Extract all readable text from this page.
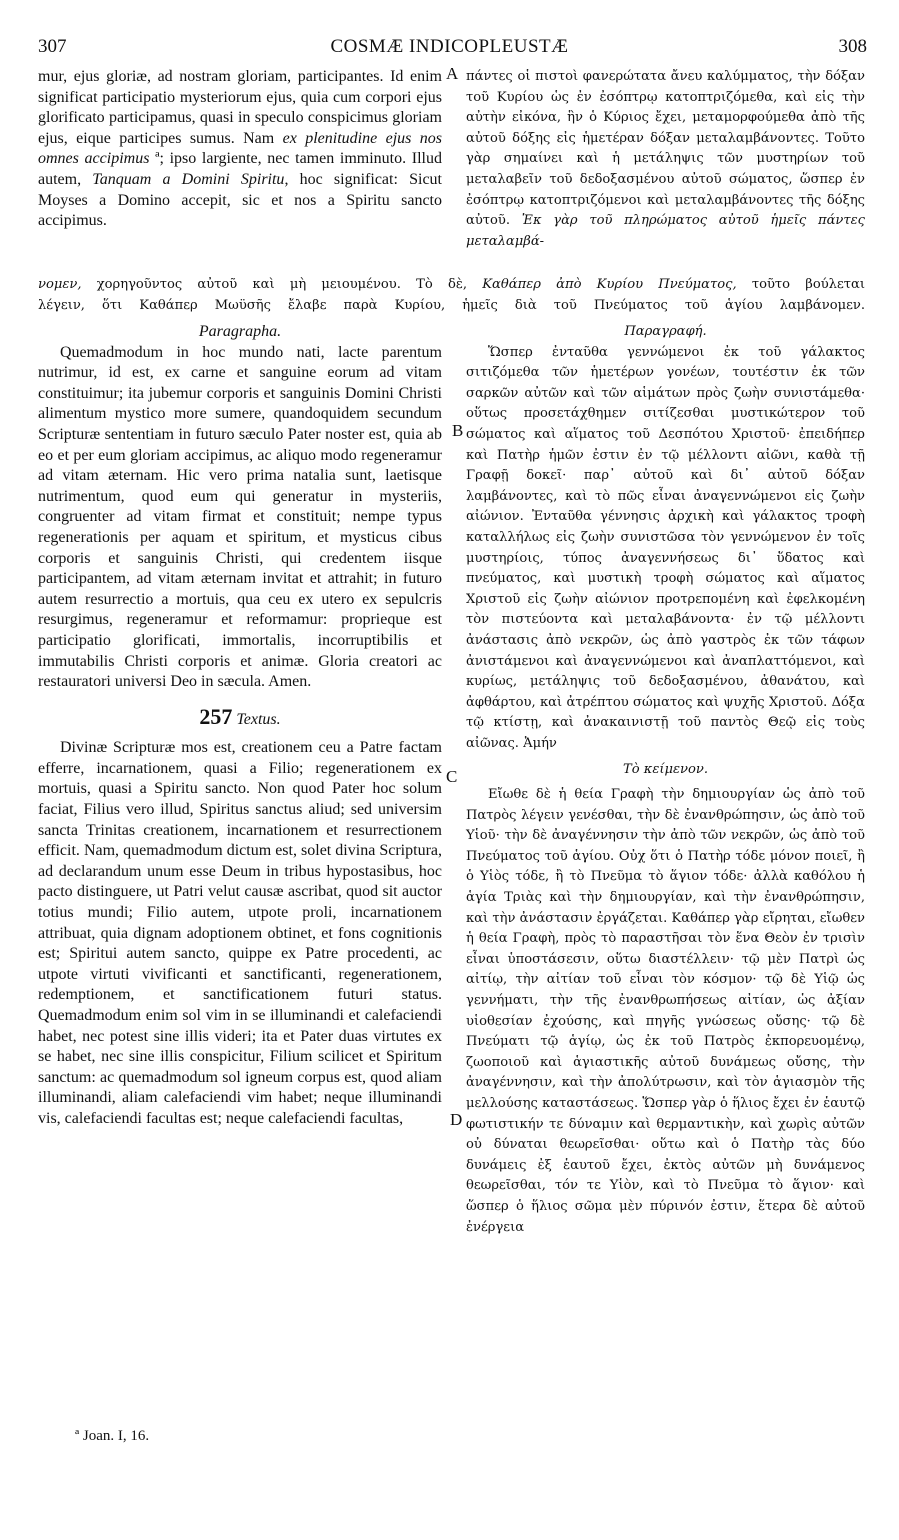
307	COSMÆ INDICOPLEUSTÆ	308

mur, ejus gloriæ, ad nostram gloriam, participantes. Id enim significat participatio mysteriorum ejus, quia cum corpori ejus glorificato participamus, quasi in speculo conspicimus gloriam ejus, eique participes sumus. Nam ex plenitudine ejus nos omnes accipimus ª; ipso largiente, nec tamen imminuto. Illud autem, Tanquam a Domini Spiritu, hoc significat: Sicut Moyses a Domino accepit, sic et nos a Spiritu sancto accipimus.

πάντες οἱ πιστοὶ φανερώτατα ἄνευ καλύμματος, τὴν δόξαν τοῦ Κυρίου ὡς ἐν ἐσόπτρῳ κατοπτριζόμεθα, καὶ εἰς τὴν αὐτὴν εἰκόνα, ἣν ὁ Κύριος ἔχει, μεταμορφούμεθα ἀπὸ τῆς αὐτοῦ δόξης εἰς ἡμετέραν δόξαν μεταλαμβάνοντες. Τοῦτο γὰρ σημαίνει καὶ ἡ μετάληψις τῶν μυστηρίων τοῦ μεταλαβεῖν τοῦ δεδοξασμένου αὐτοῦ σώματος, ὥσπερ ἐν ἐσόπτρῳ κατοπτριζόμενοι καὶ μεταλαμβάνοντες τῆς δόξης αὐτοῦ. Ἐκ γὰρ τοῦ πληρώματος αὐτοῦ ἡμεῖς πάντες μεταλαμβά-

νομεν, χορηγοῦντος αὐτοῦ καὶ μὴ μειουμένου. Τὸ δὲ, Καθάπερ ἀπὸ Κυρίου Πνεύματος, τοῦτο βούλεται

λέγειν, ὅτι Καθάπερ Μωϋσῆς ἔλαβε παρὰ Κυρίου, ἡμεῖς διὰ τοῦ Πνεύματος τοῦ ἁγίου λαμβάνομεν.

Paragrapha.

Quemadmodum in hoc mundo nati, lacte parentum nutrimur, id est, ex carne et sanguine eorum ad vitam constituimur; ita jubemur corporis et sanguinis Domini Christi alimentum mystico more sumere, quandoquidem secundum Scripturæ sententiam in futuro sæculo Pater noster est, quia ab eo et per eum gloriam accipimus, ac aliquo modo regeneramur ad vitam æternam. Hic vero prima natalia sunt, laetisque nutrimentum, quod eum qui generatur in mysteriis, congruenter ad vitam firmat et constituit; nempe typus regenerationis per aquam et spiritum, et mysticus cibus corporis et sanguinis Christi, qui credentem iisque participantem, ad vitam æternam invitat et attrahit; in futuro autem resurrectio a mortuis, qua ceu ex utero ex sepulcris resurgimus, regeneramur et reformamur: proprieque est participatio glorificati, immortalis, incorruptibilis et immutabilis Christi corporis et animæ. Gloria creatori ac restauratori universi Deo in sæcula. Amen.

257 Textus.

Divinæ Scripturæ mos est, creationem ceu a Patre factam efferre, incarnationem, quasi a Filio; regenerationem ex mortuis, quasi a Spiritu sancto. Non quod Pater hoc solum faciat, Filius vero illud, Spiritus sanctus aliud; sed universim sancta Trinitas creationem, incarnationem et resurrectionem efficit. Nam, quemadmodum dictum est, solet divina Scriptura, ad declarandum unum esse Deum in tribus hypostasibus, hoc pacto distinguere, ut Patri velut causæ ascribat, quod sit auctor totius mundi; Filio autem, utpote proli, incarnationem attribuat, quia dignam adoptionem obtinet, et fons cognitionis est; Spiritui autem sancto, quippe ex Patre procedenti, ac utpote virtuti vivificanti et sanctificanti, regenerationem, redemptionem, et sanctificationem futuri status. Quemadmodum enim sol vim in se illuminandi et calefaciendi habet, nec potest sine illis videri; ita et Pater duas virtutes ex se habet, nec sine illis conspicitur, Filium scilicet et Spiritum sanctum: ac quemadmodum sol igneum corpus est, quod aliam illuminandi, aliam calefaciendi vim habet; neque illuminandi vis, calefaciendi facultas est; neque calefaciendi facultas,

Παραγραφή.

Ὥσπερ ἐνταῦθα γεννώμενοι ἐκ τοῦ γάλακτος σιτιζόμεθα τῶν ἡμετέρων γονέων, τουτέστιν ἐκ τῶν σαρκῶν αὐτῶν καὶ τῶν αἱμάτων πρὸς ζωὴν συνιστάμεθα· οὕτως προσετάχθημεν σιτίζεσθαι μυστικώτερον τοῦ σώματος καὶ αἵματος τοῦ Δεσπότου Χριστοῦ· ἐπειδήπερ καὶ Πατὴρ ἡμῶν ἐστιν ἐν τῷ μέλλοντι αἰῶνι, καθὰ τῇ Γραφῇ δοκεῖ· παρ᾽ αὐτοῦ καὶ δι᾽ αὐτοῦ δόξαν λαμβάνοντες, καὶ τὸ πῶς εἶναι ἀναγεννώμενοι εἰς ζωὴν αἰώνιον. Ἐνταῦθα γέννησις ἀρχικὴ καὶ γάλακτος τροφὴ καταλλήλως εἰς ζωὴν συνιστῶσα τὸν γεννώμενον ἐν τοῖς μυστηρίοις, τύπος ἀναγεννήσεως δι᾽ ὕδατος καὶ πνεύματος, καὶ μυστικὴ τροφὴ σώματος καὶ αἵματος Χριστοῦ εἰς ζωὴν αἰώνιον προτρεπομένη καὶ ἐφελκομένη τὸν πιστεύοντα καὶ μεταλαβάνοντα· ἐν τῷ μέλλοντι ἀνάστασις ἀπὸ νεκρῶν, ὡς ἀπὸ γαστρὸς ἐκ τῶν τάφων ἀνιστάμενοι καὶ ἀναγεννώμενοι καὶ ἀναπλαττόμενοι, καὶ κυρίως, μετάληψις τοῦ δεδοξασμένου, ἀθανάτου, καὶ ἀφθάρτου, καὶ ἀτρέπτου σώματος καὶ ψυχῆς Χριστοῦ. Δόξα τῷ κτίστῃ, καὶ ἀνακαινιστῇ τοῦ παντὸς Θεῷ εἰς τοὺς αἰῶνας. Ἀμήν

Τὸ κείμενον.

Εἴωθε δὲ ἡ θεία Γραφὴ τὴν δημιουργίαν ὡς ἀπὸ τοῦ Πατρὸς λέγειν γενέσθαι, τὴν δὲ ἐνανθρώπησιν, ὡς ἀπὸ τοῦ Υἱοῦ· τὴν δὲ ἀναγέννησιν τὴν ἀπὸ τῶν νεκρῶν, ὡς ἀπὸ τοῦ Πνεύματος τοῦ ἁγίου. Οὐχ ὅτι ὁ Πατὴρ τόδε μόνον ποιεῖ, ἢ ὁ Υἱὸς τόδε, ἢ τὸ Πνεῦμα τὸ ἅγιον τόδε· ἀλλὰ καθόλου ἡ ἁγία Τριὰς καὶ τὴν δημιουργίαν, καὶ τὴν ἐνανθρώπησιν, καὶ τὴν ἀνάστασιν ἐργάζεται. Καθάπερ γὰρ εἴρηται, εἴωθεν ἡ θεία Γραφὴ, πρὸς τὸ παραστῆσαι τὸν ἕνα Θεὸν ἐν τρισὶν εἶναι ὑποστάσεσιν, οὕτω διαστέλλειν· τῷ μὲν Πατρὶ ὡς αἰτίῳ, τὴν αἰτίαν τοῦ εἶναι τὸν κόσμον· τῷ δὲ Υἱῷ ὡς γεννήματι, τὴν τῆς ἐνανθρωπήσεως αἰτίαν, ὡς ἀξίαν υἱοθεσίαν ἐχούσης, καὶ πηγῆς γνώσεως οὔσης· τῷ δὲ Πνεύματι τῷ ἁγίῳ, ὡς ἐκ τοῦ Πατρὸς ἐκπορευομένῳ, ζωοποιοῦ καὶ ἁγιαστικῆς αὐτοῦ δυνάμεως οὔσης, τὴν ἀναγέννησιν, καὶ τὴν ἀπολύτρωσιν, καὶ τὸν ἁγιασμὸν τῆς μελλούσης καταστάσεως. Ὥσπερ γὰρ ὁ ἥλιος ἔχει ἐν ἑαυτῷ φωτιστικήν τε δύναμιν καὶ θερμαντικὴν, καὶ χωρὶς αὐτῶν οὐ δύναται θεωρεῖσθαι· οὕτω καὶ ὁ Πατὴρ τὰς δύο δυνάμεις ἐξ ἑαυτοῦ ἔχει, ἐκτὸς αὐτῶν μὴ δυνάμενος θεωρεῖσθαι, τόν τε Υἱὸν, καὶ τὸ Πνεῦμα τὸ ἅγιον· καὶ ὥσπερ ὁ ἥλιος σῶμα μὲν πύρινόν ἐστιν, ἕτερα δὲ αὐτοῦ ἐνέργεια

A
B
C
D
ª Joan. I, 16.
